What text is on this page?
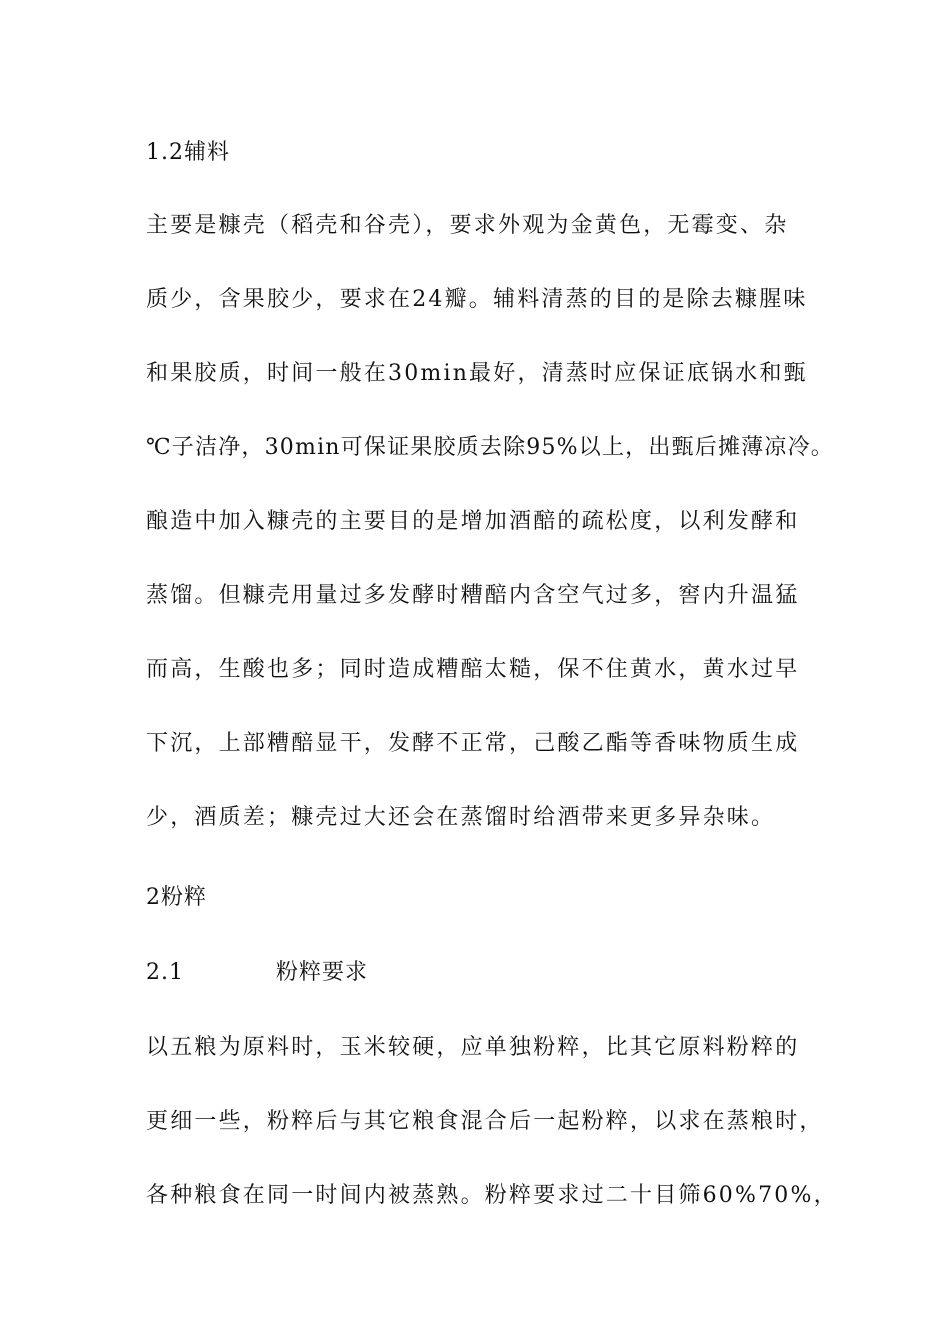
1.2辅料
主要是糠壳（稻壳和谷壳），要求外观为金黄色，无霉变、杂
质少，含果胶少，要求在24瓣。辅料清蒸的目的是除去糠腥味
和果胶质，时间一般在30min最好，清蒸时应保证底锅水和甄
℃子洁净，30min可保证果胶质去除95%以上，出甄后摊薄凉冷。
酿造中加入糠壳的主要目的是增加酒醅的疏松度，以利发酵和
蒸馏。但糠壳用量过多发酵时糟醅内含空气过多，窖内升温猛
而高，生酸也多；同时造成糟醅太糙，保不住黄水，黄水过早
下沉，上部糟醅显干，发酵不正常，己酸乙酯等香味物质生成
少，酒质差；糠壳过大还会在蒸馏时给酒带来更多异杂味。
2粉粹
2.1	粉粹要求
以五粮为原料时，玉米较硬，应单独粉粹，比其它原料粉粹的
更细一些，粉粹后与其它粮食混合后一起粉粹，以求在蒸粮时，
各种粮食在同一时间内被蒸熟。粉粹要求过二十目筛60%70%，
